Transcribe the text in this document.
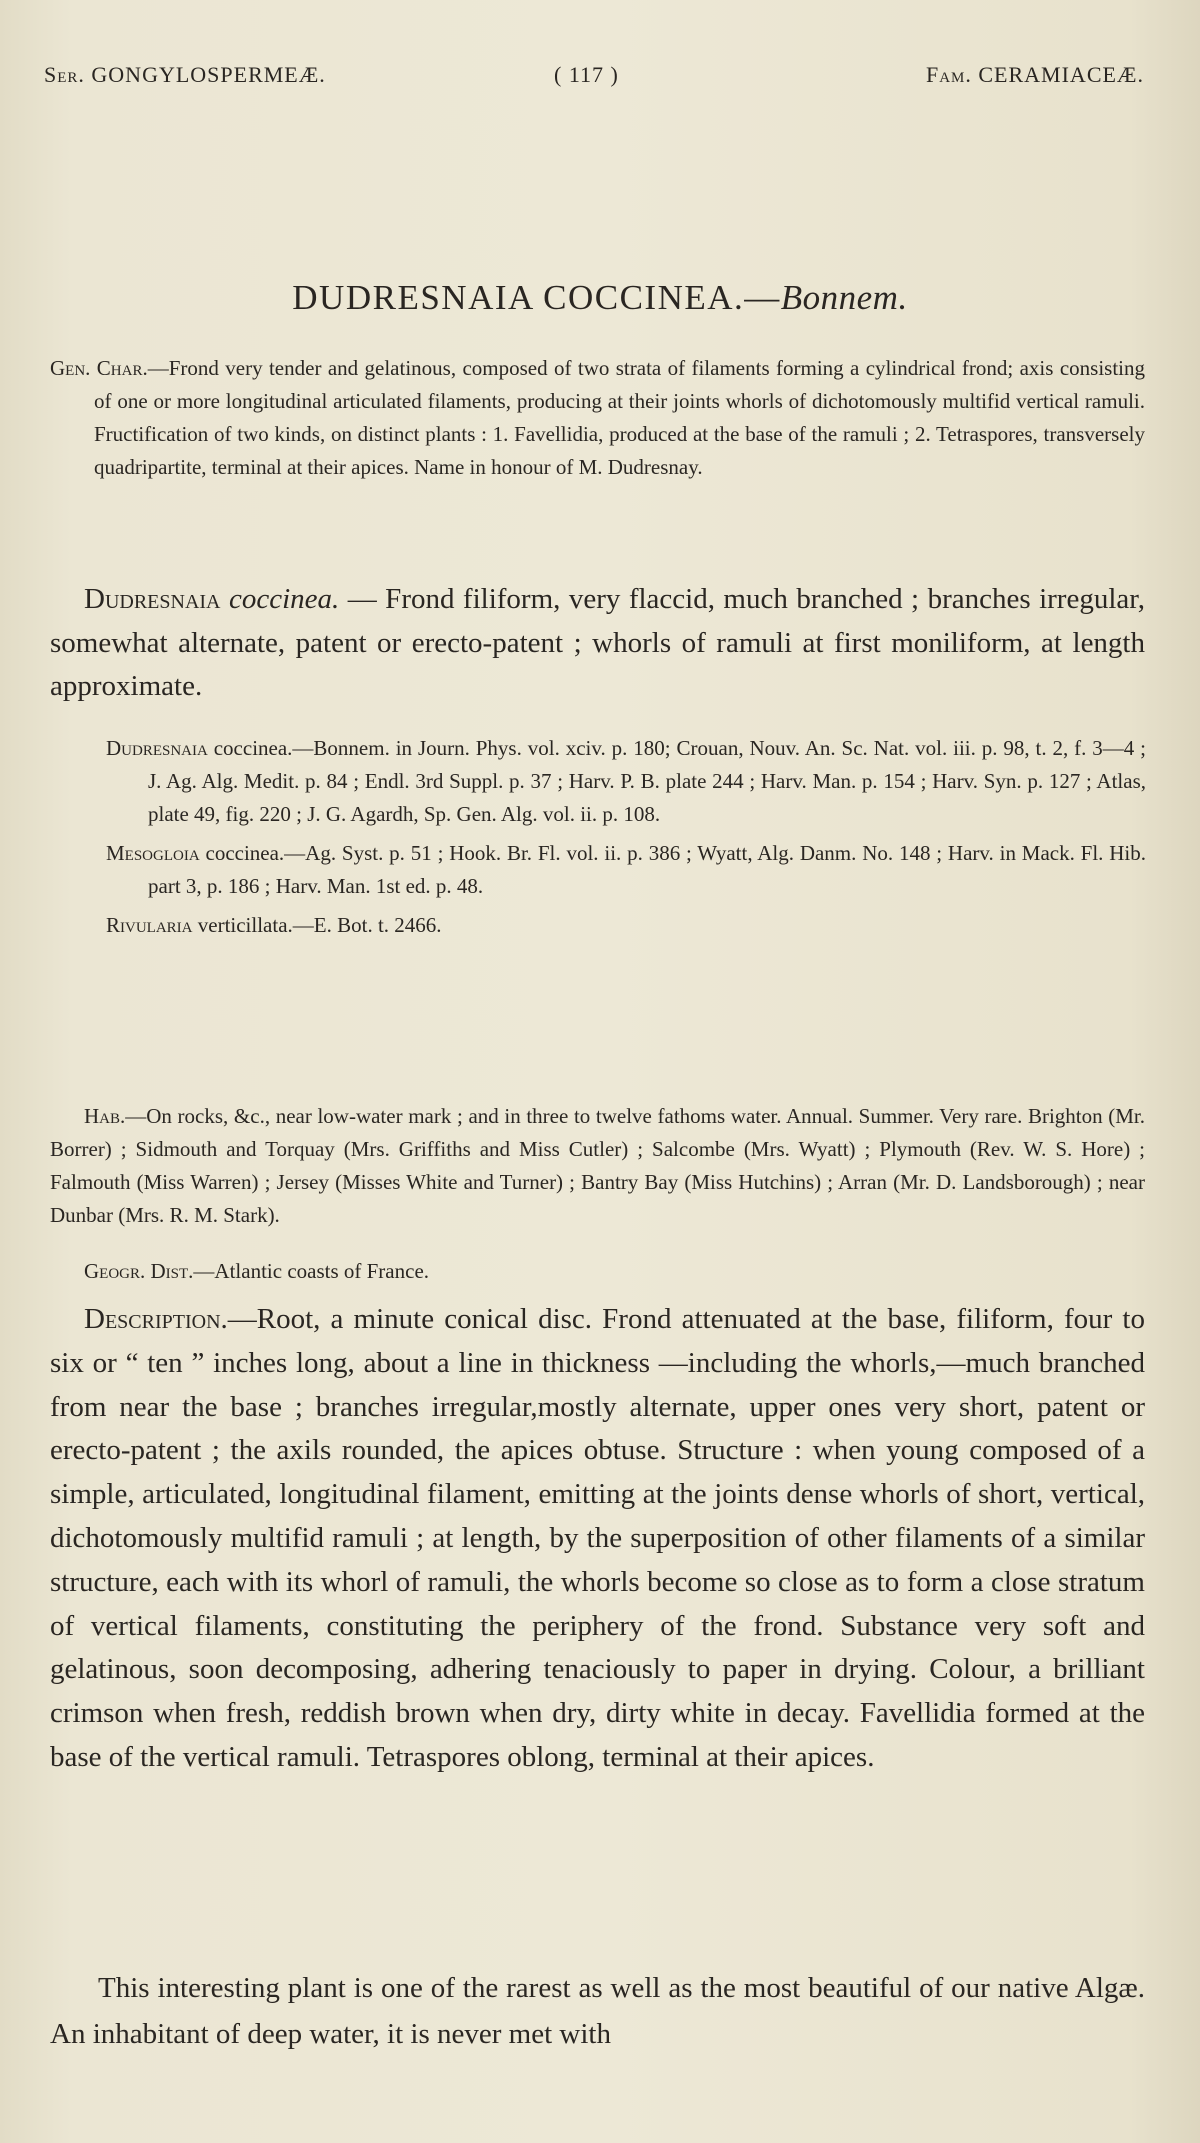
Ser. GONGYLOSPERMEÆ.	( 117 )	Fam. CERAMIACEÆ.
DUDRESNAIA COCCINEA.—Bonnem.
Gen. Char.—Frond very tender and gelatinous, composed of two strata of filaments forming a cylindrical frond; axis consisting of one or more longitudinal articulated filaments, producing at their joints whorls of dichotomously multifid vertical ramuli. Fructification of two kinds, on distinct plants : 1. Favellidia, produced at the base of the ramuli ; 2. Tetraspores, transversely quadripartite, terminal at their apices. Name in honour of M. Dudresnay.
Dudresnaia coccinea. — Frond filiform, very flaccid, much branched ; branches irregular, somewhat alternate, patent or erecto-patent ; whorls of ramuli at first moniliform, at length approximate.
Dudresnaia coccinea.—Bonnem. in Journ. Phys. vol. xciv. p. 180; Crouan, Nouv. An. Sc. Nat. vol. iii. p. 98, t. 2, f. 3—4 ; J. Ag. Alg. Medit. p. 84 ; Endl. 3rd Suppl. p. 37 ; Harv. P. B. plate 244 ; Harv. Man. p. 154 ; Harv. Syn. p. 127 ; Atlas, plate 49, fig. 220 ; J. G. Agardh, Sp. Gen. Alg. vol. ii. p. 108.
Mesogloia coccinea.—Ag. Syst. p. 51 ; Hook. Br. Fl. vol. ii. p. 386 ; Wyatt, Alg. Danm. No. 148 ; Harv. in Mack. Fl. Hib. part 3, p. 186 ; Harv. Man. 1st ed. p. 48.
Rivularia verticillata.—E. Bot. t. 2466.
Hab.—On rocks, &c., near low-water mark ; and in three to twelve fathoms water. Annual. Summer. Very rare. Brighton (Mr. Borrer) ; Sidmouth and Torquay (Mrs. Griffiths and Miss Cutler) ; Salcombe (Mrs. Wyatt) ; Plymouth (Rev. W. S. Hore) ; Falmouth (Miss Warren) ; Jersey (Misses White and Turner) ; Bantry Bay (Miss Hutchins) ; Arran (Mr. D. Landsborough) ; near Dunbar (Mrs. R. M. Stark).
Geogr. Dist.—Atlantic coasts of France.
Description.—Root, a minute conical disc. Frond attenuated at the base, filiform, four to six or “ ten ” inches long, about a line in thickness —including the whorls,—much branched from near the base ; branches irregular,mostly alternate, upper ones very short, patent or erecto-patent ; the axils rounded, the apices obtuse. Structure : when young composed of a simple, articulated, longitudinal filament, emitting at the joints dense whorls of short, vertical, dichotomously multifid ramuli ; at length, by the superposition of other filaments of a similar structure, each with its whorl of ramuli, the whorls become so close as to form a close stratum of vertical filaments, constituting the periphery of the frond. Substance very soft and gelatinous, soon decomposing, adhering tenaciously to paper in drying. Colour, a brilliant crimson when fresh, reddish brown when dry, dirty white in decay. Favellidia formed at the base of the vertical ramuli. Tetraspores oblong, terminal at their apices.
This interesting plant is one of the rarest as well as the most beautiful of our native Algæ. An inhabitant of deep water, it is never met with
